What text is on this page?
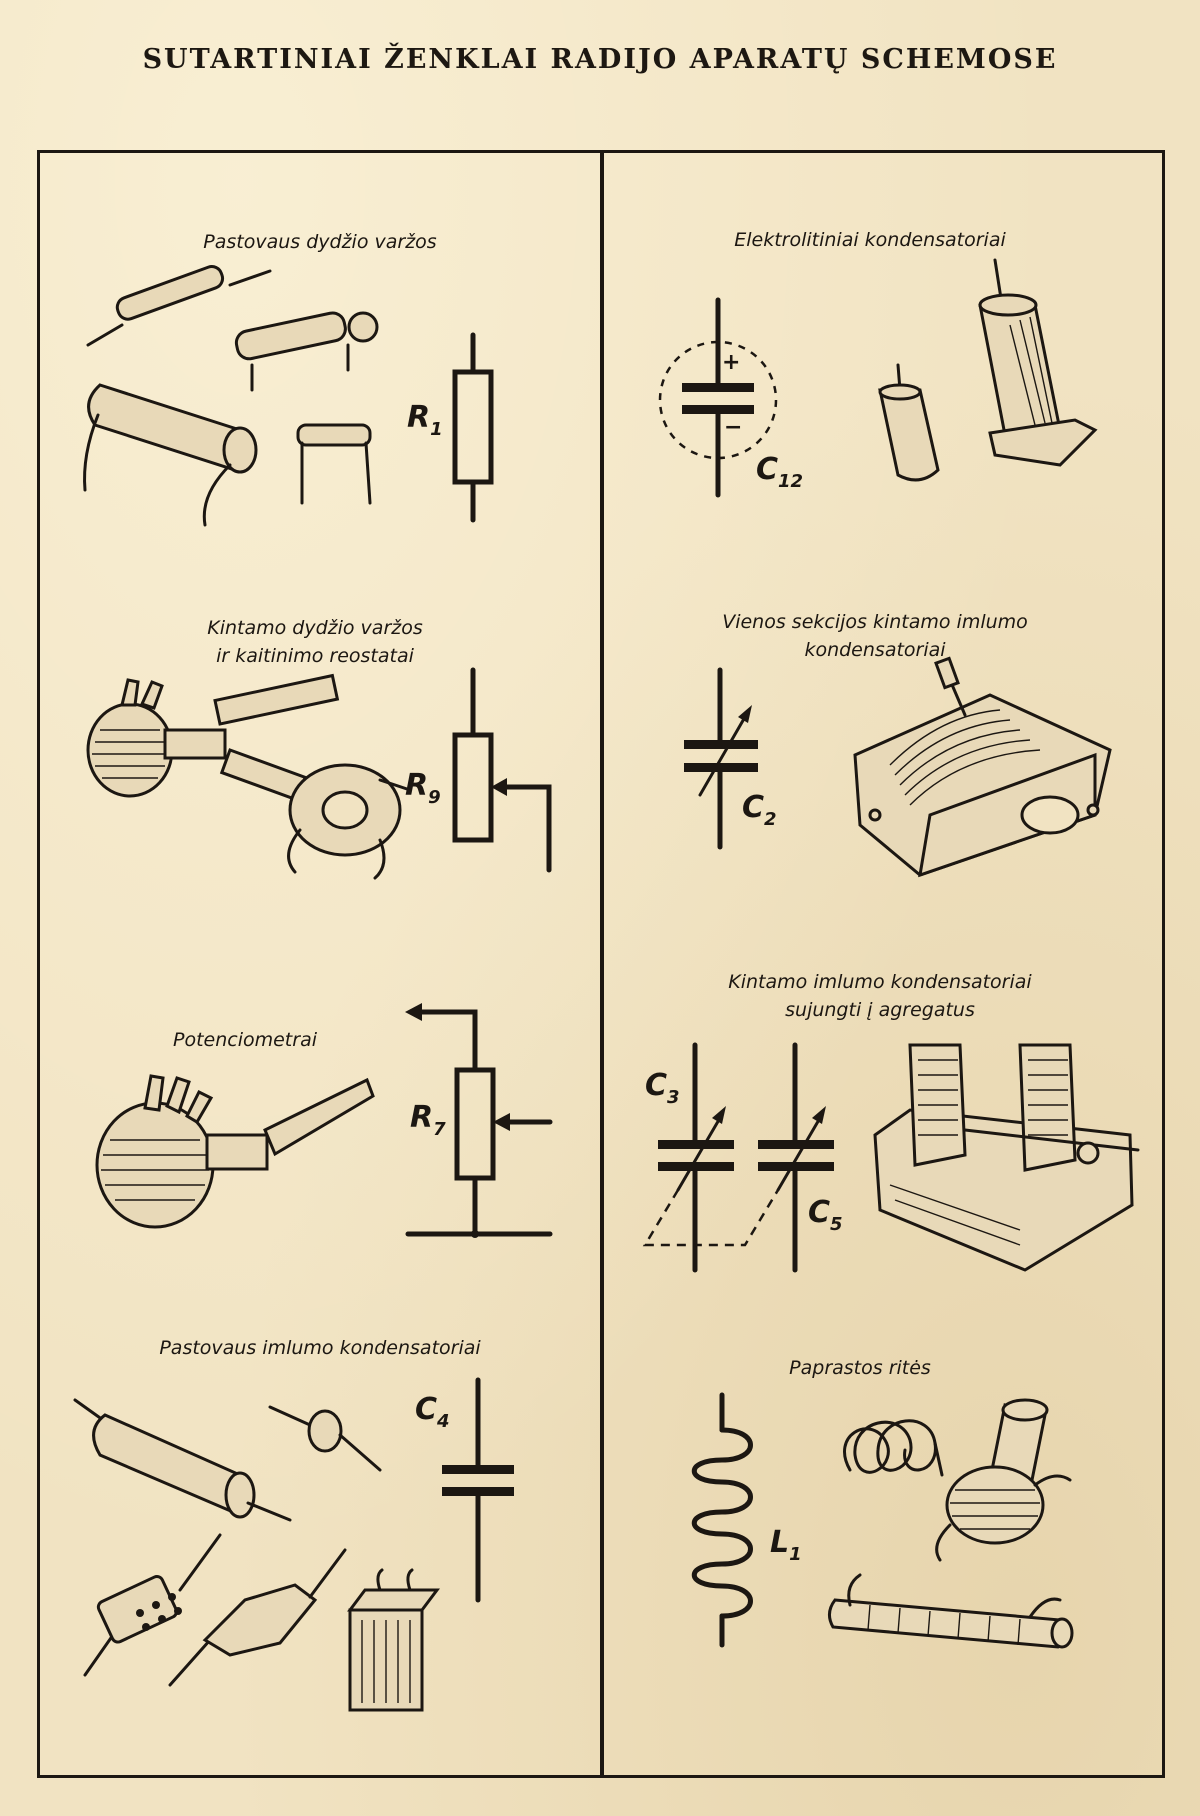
SUTARTINIAI ŽENKLAI RADIJO APARATŲ SCHEMOSE
Pastovaus dydžio varžos
$R_1$
Kintamo dydžio varžos
ir kaitinimo reostatai
$R_9$
Potenciometrai
$R_7$
Pastovaus imlumo kondensatoriai
$C_4$
Elektrolitiniai kondensatoriai
+
−
$C_{12}$
Vienos sekcijos kintamo imlumo
kondensatoriai
$C_2$
Kintamo imlumo kondensatoriai
sujungti į agregatus
$C_3$
$C_5$
Paprastos ritės
$L_1$
